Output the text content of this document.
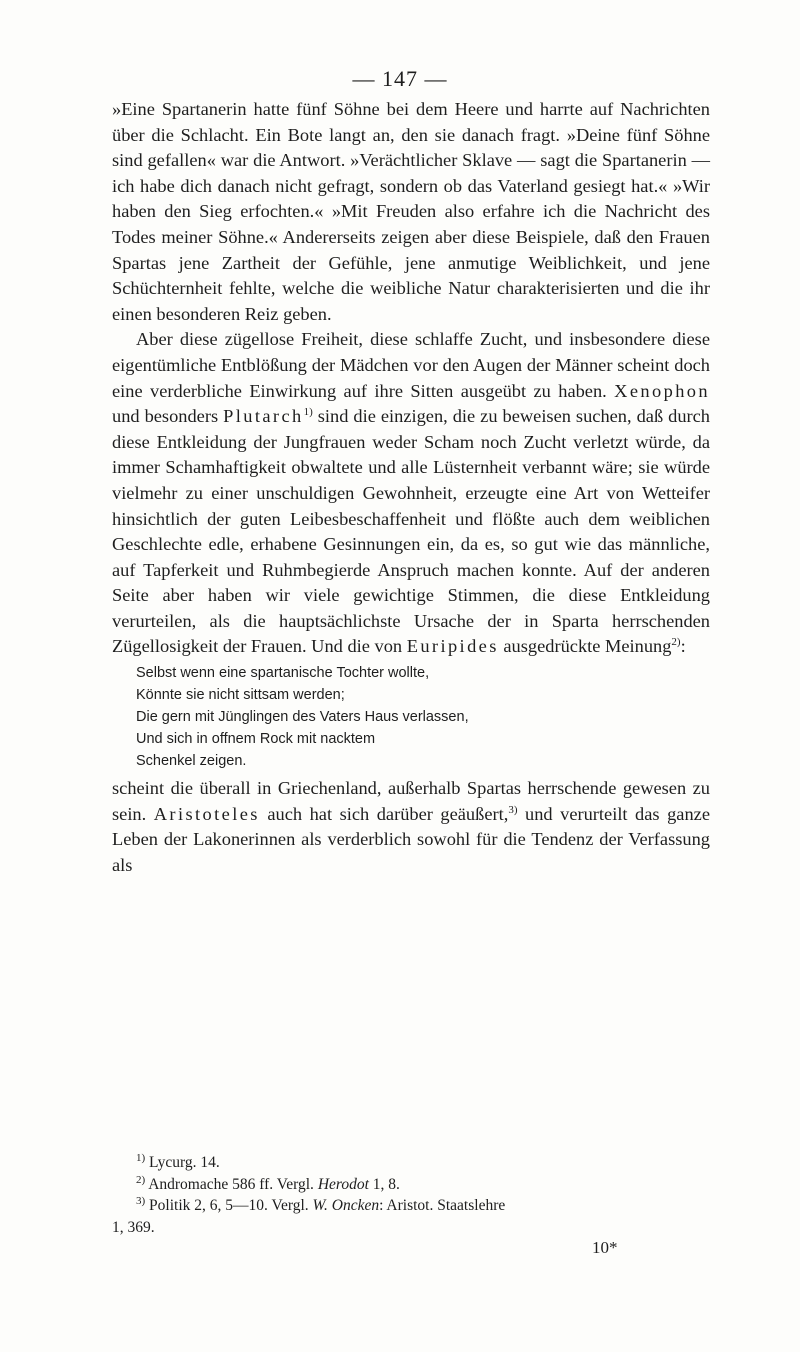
— 147 —

»Eine Spartanerin hatte fünf Söhne bei dem Heere und harrte auf Nachrichten über die Schlacht. Ein Bote langt an, den sie danach fragt. »Deine fünf Söhne sind gefallen« war die Antwort. »Verächtlicher Sklave — sagt die Spartanerin — ich habe dich danach nicht gefragt, sondern ob das Vaterland gesiegt hat.« »Wir haben den Sieg erfochten.« »Mit Freuden also erfahre ich die Nachricht des Todes meiner Söhne.« Andererseits zeigen aber diese Beispiele, daß den Frauen Spartas jene Zartheit der Gefühle, jene anmutige Weiblichkeit, und jene Schüchternheit fehlte, welche die weibliche Natur charakterisierten und die ihr einen besonderen Reiz geben.

Aber diese zügellose Freiheit, diese schlaffe Zucht, und insbesondere diese eigentümliche Entblößung der Mädchen vor den Augen der Männer scheint doch eine verderbliche Einwirkung auf ihre Sitten ausgeübt zu haben. Xenophon und besonders Plutarch$^{1)}$ sind die einzigen, die zu beweisen suchen, daß durch diese Entkleidung der Jungfrauen weder Scham noch Zucht verletzt würde, da immer Schamhaftigkeit obwaltete und alle Lüsternheit verbannt wäre; sie würde vielmehr zu einer unschuldigen Gewohnheit, erzeugte eine Art von Wetteifer hinsichtlich der guten Leibesbeschaffenheit und flößte auch dem weiblichen Geschlechte edle, erhabene Gesinnungen ein, da es, so gut wie das männliche, auf Tapferkeit und Ruhmbegierde Anspruch machen konnte. Auf der anderen Seite aber haben wir viele gewichtige Stimmen, die diese Entkleidung verurteilen, als die hauptsächlichste Ursache der in Sparta herrschenden Zügellosigkeit der Frauen. Und die von Euripides ausgedrückte Meinung$^{2)}$:

Selbst wenn eine spartanische Tochter wollte,
Könnte sie nicht sittsam werden;
Die gern mit Jünglingen des Vaters Haus verlassen,
Und sich in offnem Rock mit nacktem
Schenkel zeigen.

scheint die überall in Griechenland, außerhalb Spartas herrschende gewesen zu sein. Aristoteles auch hat sich darüber geäußert,$^{3)}$ und verurteilt das ganze Leben der Lakonerinnen als verderblich sowohl für die Tendenz der Verfassung als

$^{1)}$ Lycurg. 14.
$^{2)}$ Andromache 586 ff. Vergl. Herodot 1, 8.
$^{3)}$ Politik 2, 6, 5—10. Vergl. W. Oncken: Aristot. Staatslehre
1, 369.
10*
